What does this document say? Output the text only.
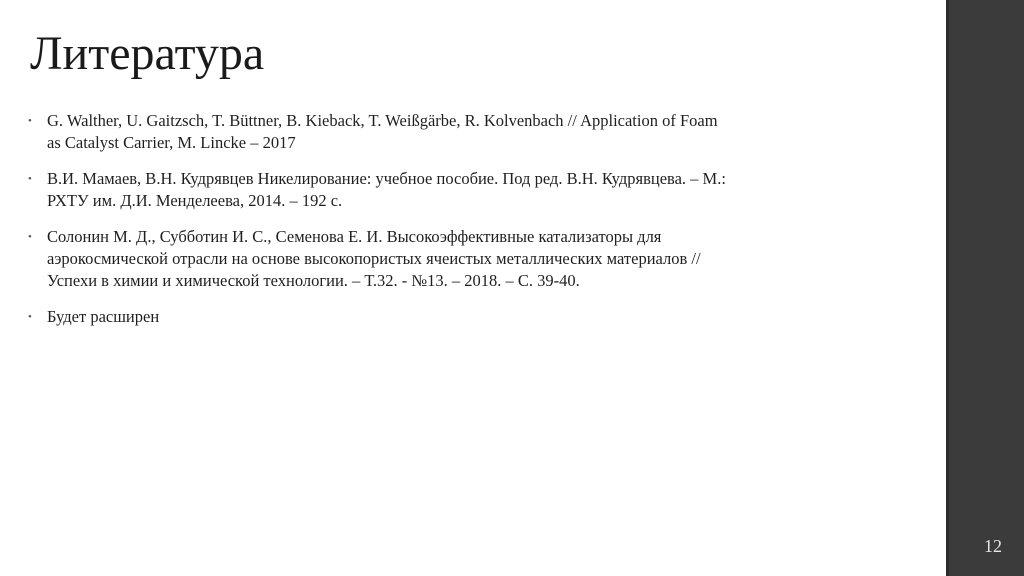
Литература
• G. Walther, U. Gaitzsch, T. Büttner, B. Kieback, T. Weißgärbe, R. Kolvenbach // Application of Foam as Catalyst Carrier, M. Lincke – 2017
• В.И. Мамаев, В.Н. Кудрявцев Никелирование: учебное пособие. Под ред. В.Н. Кудрявцева. – М.: РХТУ им. Д.И. Менделеева, 2014. – 192 с.
• Солонин М. Д., Субботин И. С., Семенова Е. И. Высокоэффективные катализаторы для аэрокосмической отрасли на основе высокопористых ячеистых металлических материалов // Успехи в химии и химической технологии. – Т.32. - №13. – 2018. – С. 39-40.
• Будет расширен
12
